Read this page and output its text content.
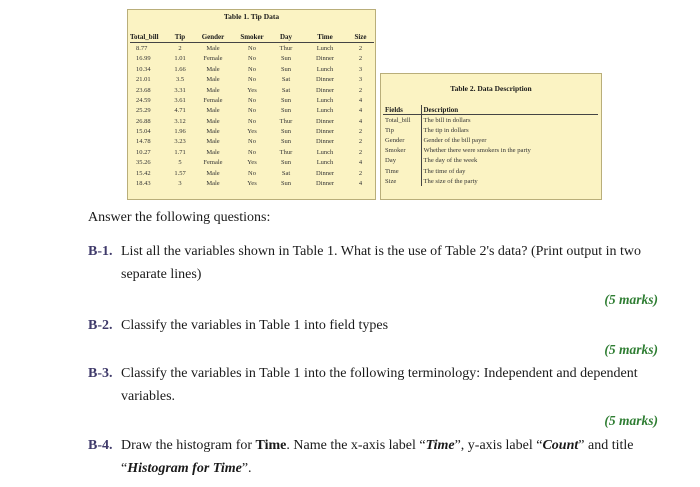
Table 1. Tip Data
Total_bill	Tip	Gender	Smoker	Day	Time	Size
8.77	2	Male	No	Thur	Lunch	2
16.99	1.01	Female	No	Sun	Dinner	2
10.34	1.66	Male	No	Sun	Lunch	3
21.01	3.5	Male	No	Sat	Dinner	3
23.68	3.31	Male	Yes	Sat	Dinner	2
24.59	3.61	Female	No	Sun	Lunch	4
25.29	4.71	Male	No	Sun	Lunch	4
26.88	3.12	Male	No	Thur	Dinner	4
15.04	1.96	Male	Yes	Sun	Dinner	2
14.78	3.23	Male	No	Sun	Dinner	2
10.27	1.71	Male	No	Thur	Lunch	2
35.26	5	Female	Yes	Sun	Lunch	4
15.42	1.57	Male	No	Sat	Dinner	2
18.43	3	Male	Yes	Sun	Dinner	4
Table 2. Data Description
Fields	Description
Total_bill	The bill in dollars
Tip	The tip in dollars
Gender	Gender of the bill payer
Smoker	Whether there were smokers in the party
Day	The day of the week
Time	The time of day
Size	The size of the party

Answer the following questions:

B-1. List all the variables shown in Table 1. What is the use of Table 2's data? (Print output in two separate lines)

(5 marks)
B-2. Classify the variables in Table 1 into field types

(5 marks)
B-3. Classify the variables in Table 1 into the following terminology: Independent and dependent variables.

(5 marks)
B-4. Draw the histogram for Time. Name the x-axis label “Time”, y-axis label “Count” and title “Histogram for Time”.
